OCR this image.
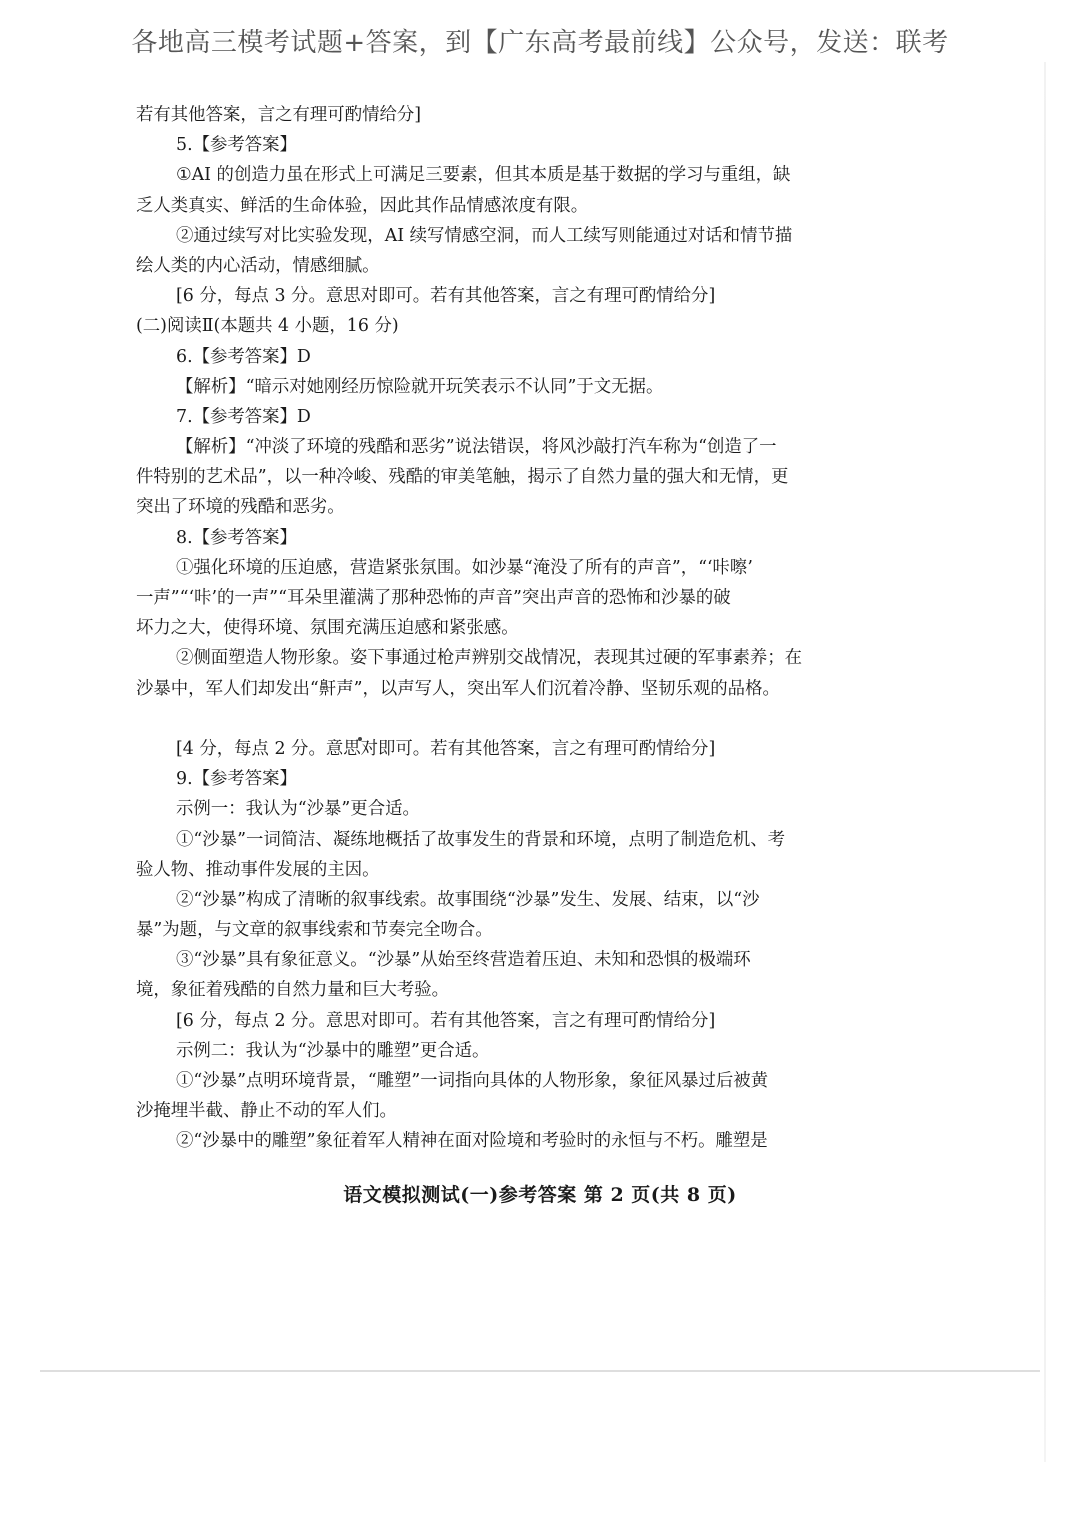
各地高三模考试题+答案，到【广东高考最前线】公众号，发送：联考
若有其他答案，言之有理可酌情给分]
5.【参考答案】
①AI 的创造力虽在形式上可满足三要素，但其本质是基于数据的学习与重组，缺
乏人类真实、鲜活的生命体验，因此其作品情感浓度有限。
②通过续写对比实验发现，AI 续写情感空洞，而人工续写则能通过对话和情节描
绘人类的内心活动，情感细腻。
[6 分，每点 3 分。意思对即可。若有其他答案，言之有理可酌情给分]
(二)阅读Ⅱ(本题共 4 小题，16 分)
6.【参考答案】D
【解析】“暗示对她刚经历惊险就开玩笑表示不认同”于文无据。
7.【参考答案】D
【解析】“冲淡了环境的残酷和恶劣”说法错误，将风沙敲打汽车称为“创造了一
件特别的艺术品”，以一种冷峻、残酷的审美笔触，揭示了自然力量的强大和无情，更
突出了环境的残酷和恶劣。
8.【参考答案】
①强化环境的压迫感，营造紧张氛围。如沙暴“淹没了所有的声音”，“‘咔嚓’
一声”“‘咔’的一声”“耳朵里灌满了那种恐怖的声音”突出声音的恐怖和沙暴的破
坏力之大，使得环境、氛围充满压迫感和紧张感。
②侧面塑造人物形象。姿下事通过枪声辨别交战情况，表现其过硬的军事素养；在
沙暴中，军人们却发出“鼾声”，以声写人，突出军人们沉着冷静、坚韧乐观的品格。
[4 分，每点 2 分。意思对即可。若有其他答案，言之有理可酌情给分]
9.【参考答案】
示例一：我认为“沙暴”更合适。
①“沙暴”一词简洁、凝练地概括了故事发生的背景和环境，点明了制造危机、考
验人物、推动事件发展的主因。
②“沙暴”构成了清晰的叙事线索。故事围绕“沙暴”发生、发展、结束，以“沙
暴”为题，与文章的叙事线索和节奏完全吻合。
③“沙暴”具有象征意义。“沙暴”从始至终营造着压迫、未知和恐惧的极端环
境，象征着残酷的自然力量和巨大考验。
[6 分，每点 2 分。意思对即可。若有其他答案，言之有理可酌情给分]
示例二：我认为“沙暴中的雕塑”更合适。
①“沙暴”点明环境背景，“雕塑”一词指向具体的人物形象，象征风暴过后被黄
沙掩埋半截、静止不动的军人们。
②“沙暴中的雕塑”象征着军人精神在面对险境和考验时的永恒与不朽。雕塑是
语文模拟测试(一)参考答案 第 2 页(共 8 页)
